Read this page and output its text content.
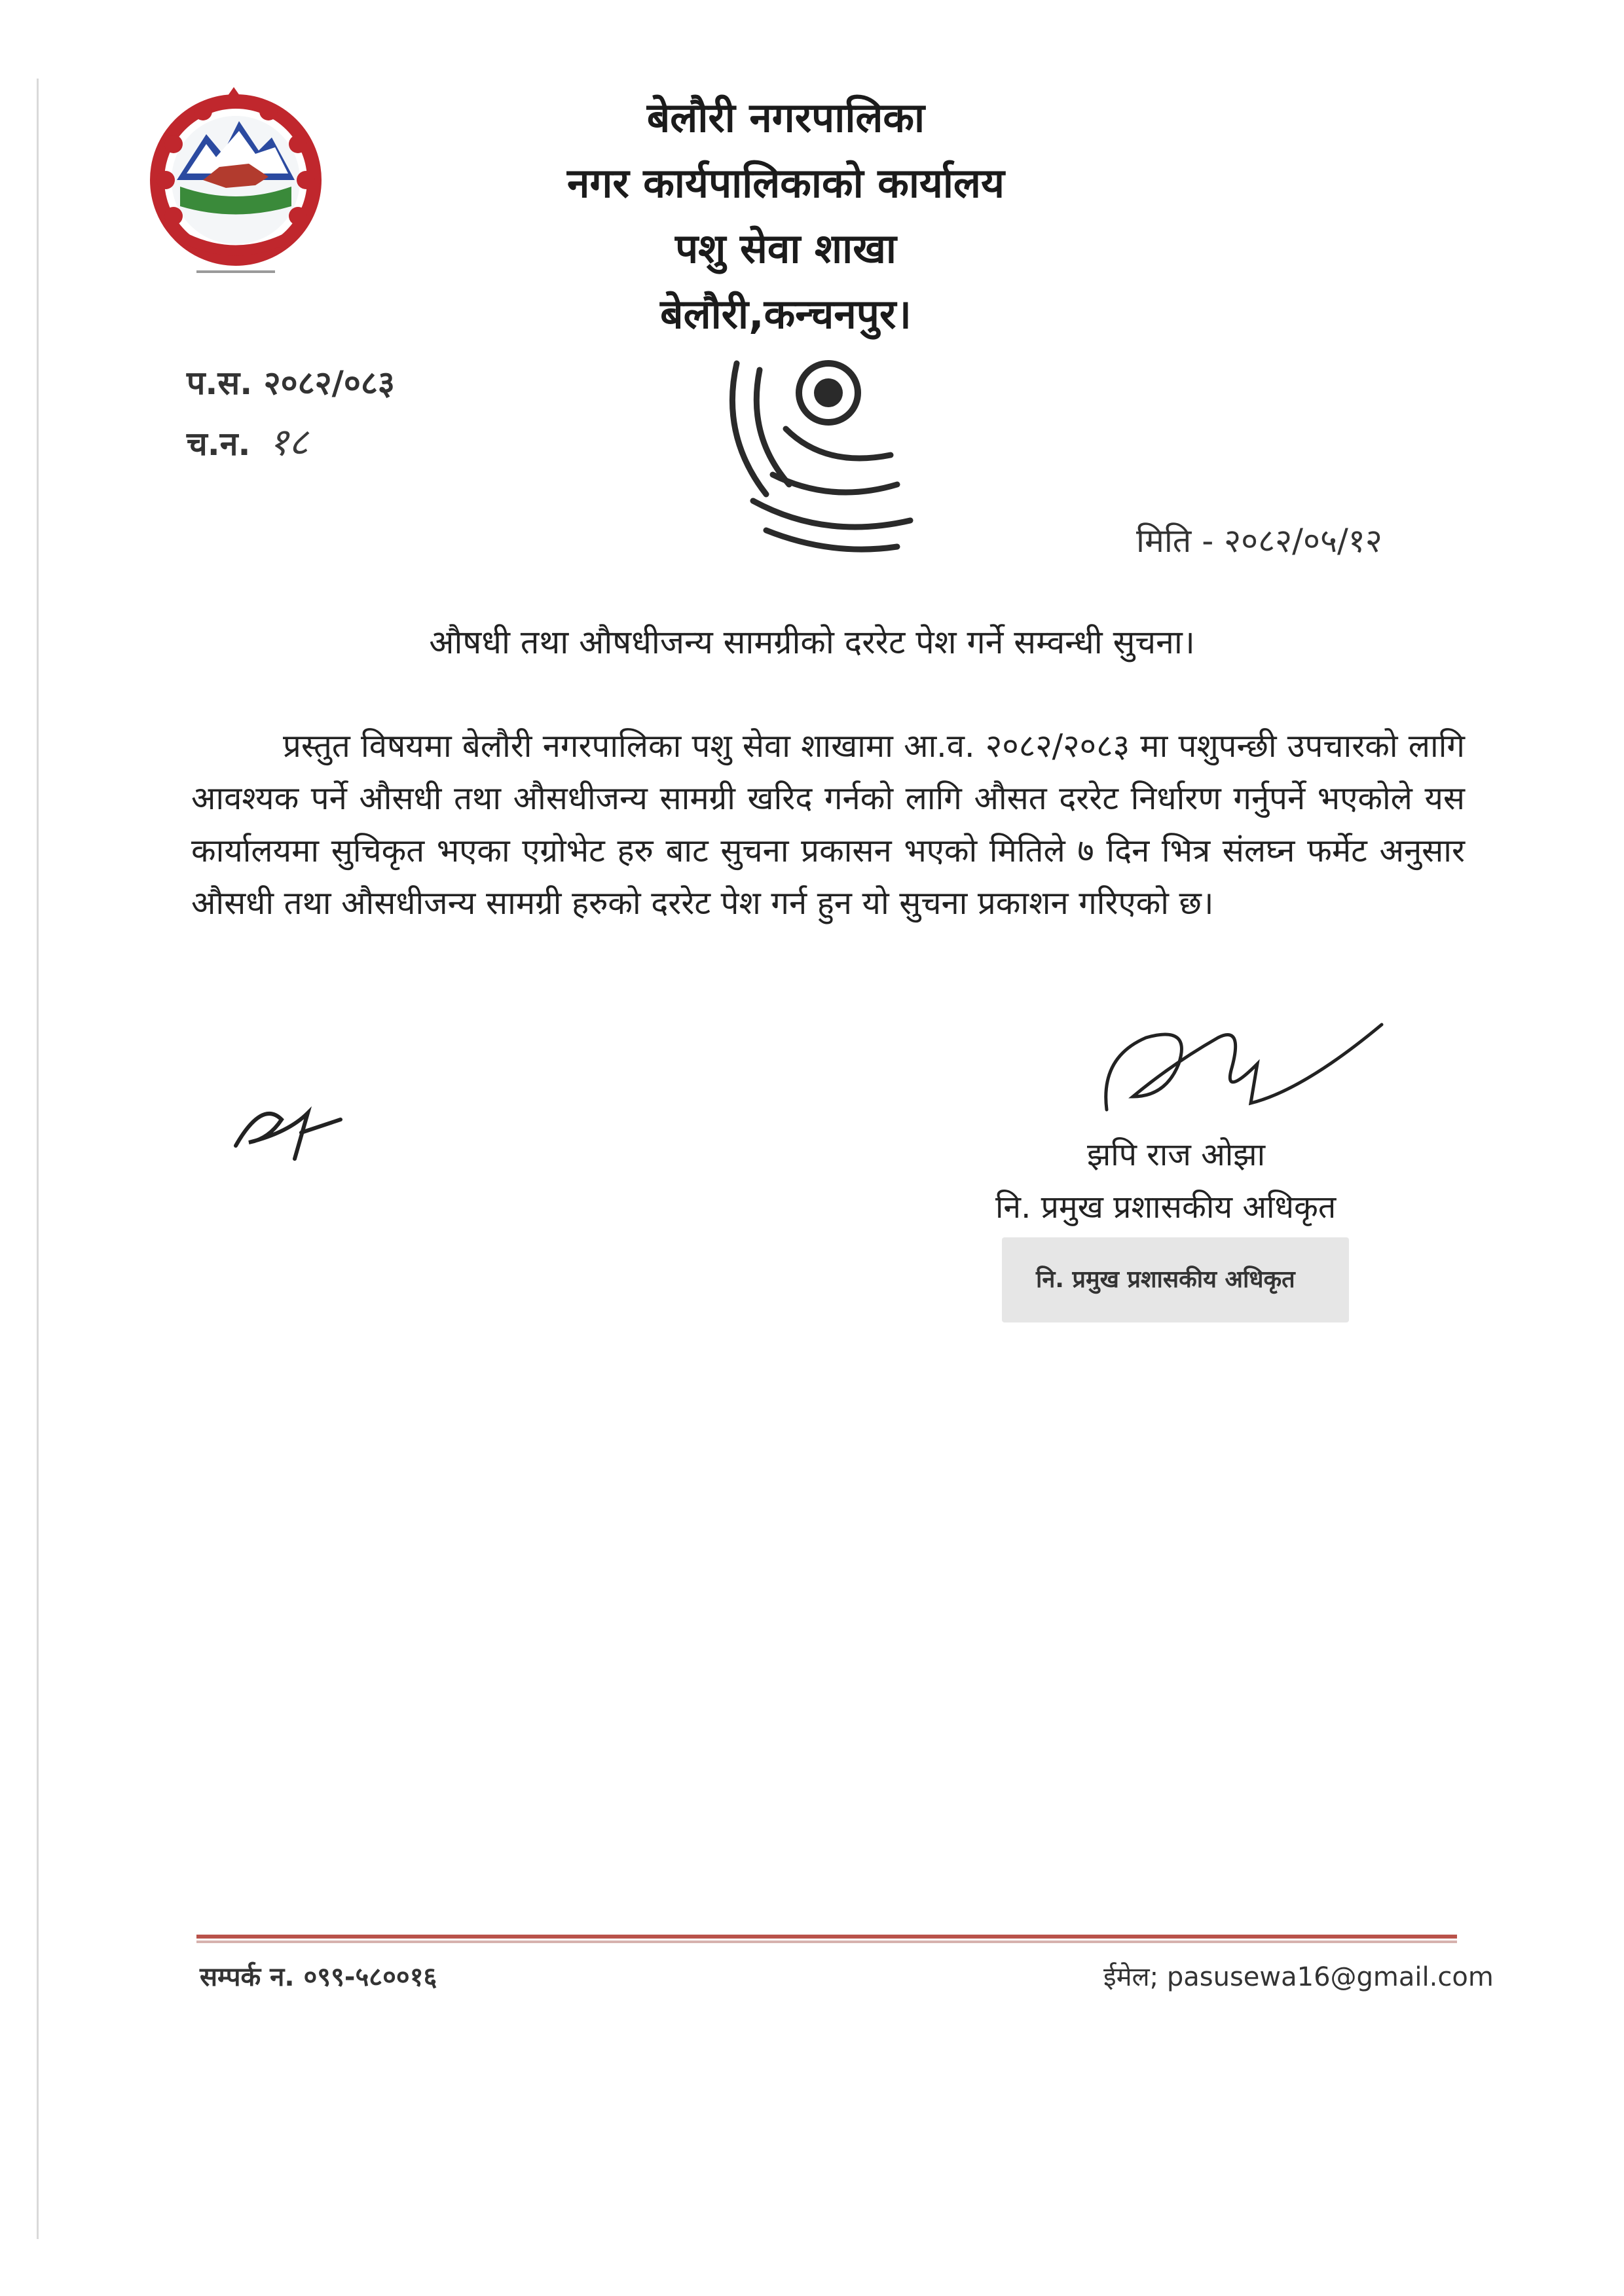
बेलौरी नगरपालिका
नगर कार्यपालिकाको कार्यालय
पशु सेवा शाखा
बेलौरी,कन्चनपुर।
प.स. २०८२/०८३
च.न. १८
मिति - २०८२/०५/१२
औषधी तथा औषधीजन्य सामग्रीको दररेट पेश गर्ने सम्वन्धी सुचना।
प्रस्तुत विषयमा बेलौरी नगरपालिका पशु सेवा शाखामा आ.व. २०८२/२०८३ मा पशुपन्छी उपचारको लागि आवश्यक पर्ने औसधी तथा औसधीजन्य सामग्री खरिद गर्नको लागि औसत दररेट निर्धारण गर्नुपर्ने भएकोले यस कार्यालयमा सुचिकृत भएका एग्रोभेट हरु बाट सुचना प्रकासन भएको मितिले ७ दिन भित्र संलघ्न फर्मेट अनुसार औसधी तथा औसधीजन्य सामग्री हरुको दररेट पेश गर्न हुन यो सुचना प्रकाशन गरिएको छ।
झपि राज ओझा
नि. प्रमुख प्रशासकीय अधिकृत
नि. प्रमुख प्रशासकीय अधिकृत
सम्पर्क न. ०९९-५८००१६	ईमेल; pasusewa16@gmail.com
